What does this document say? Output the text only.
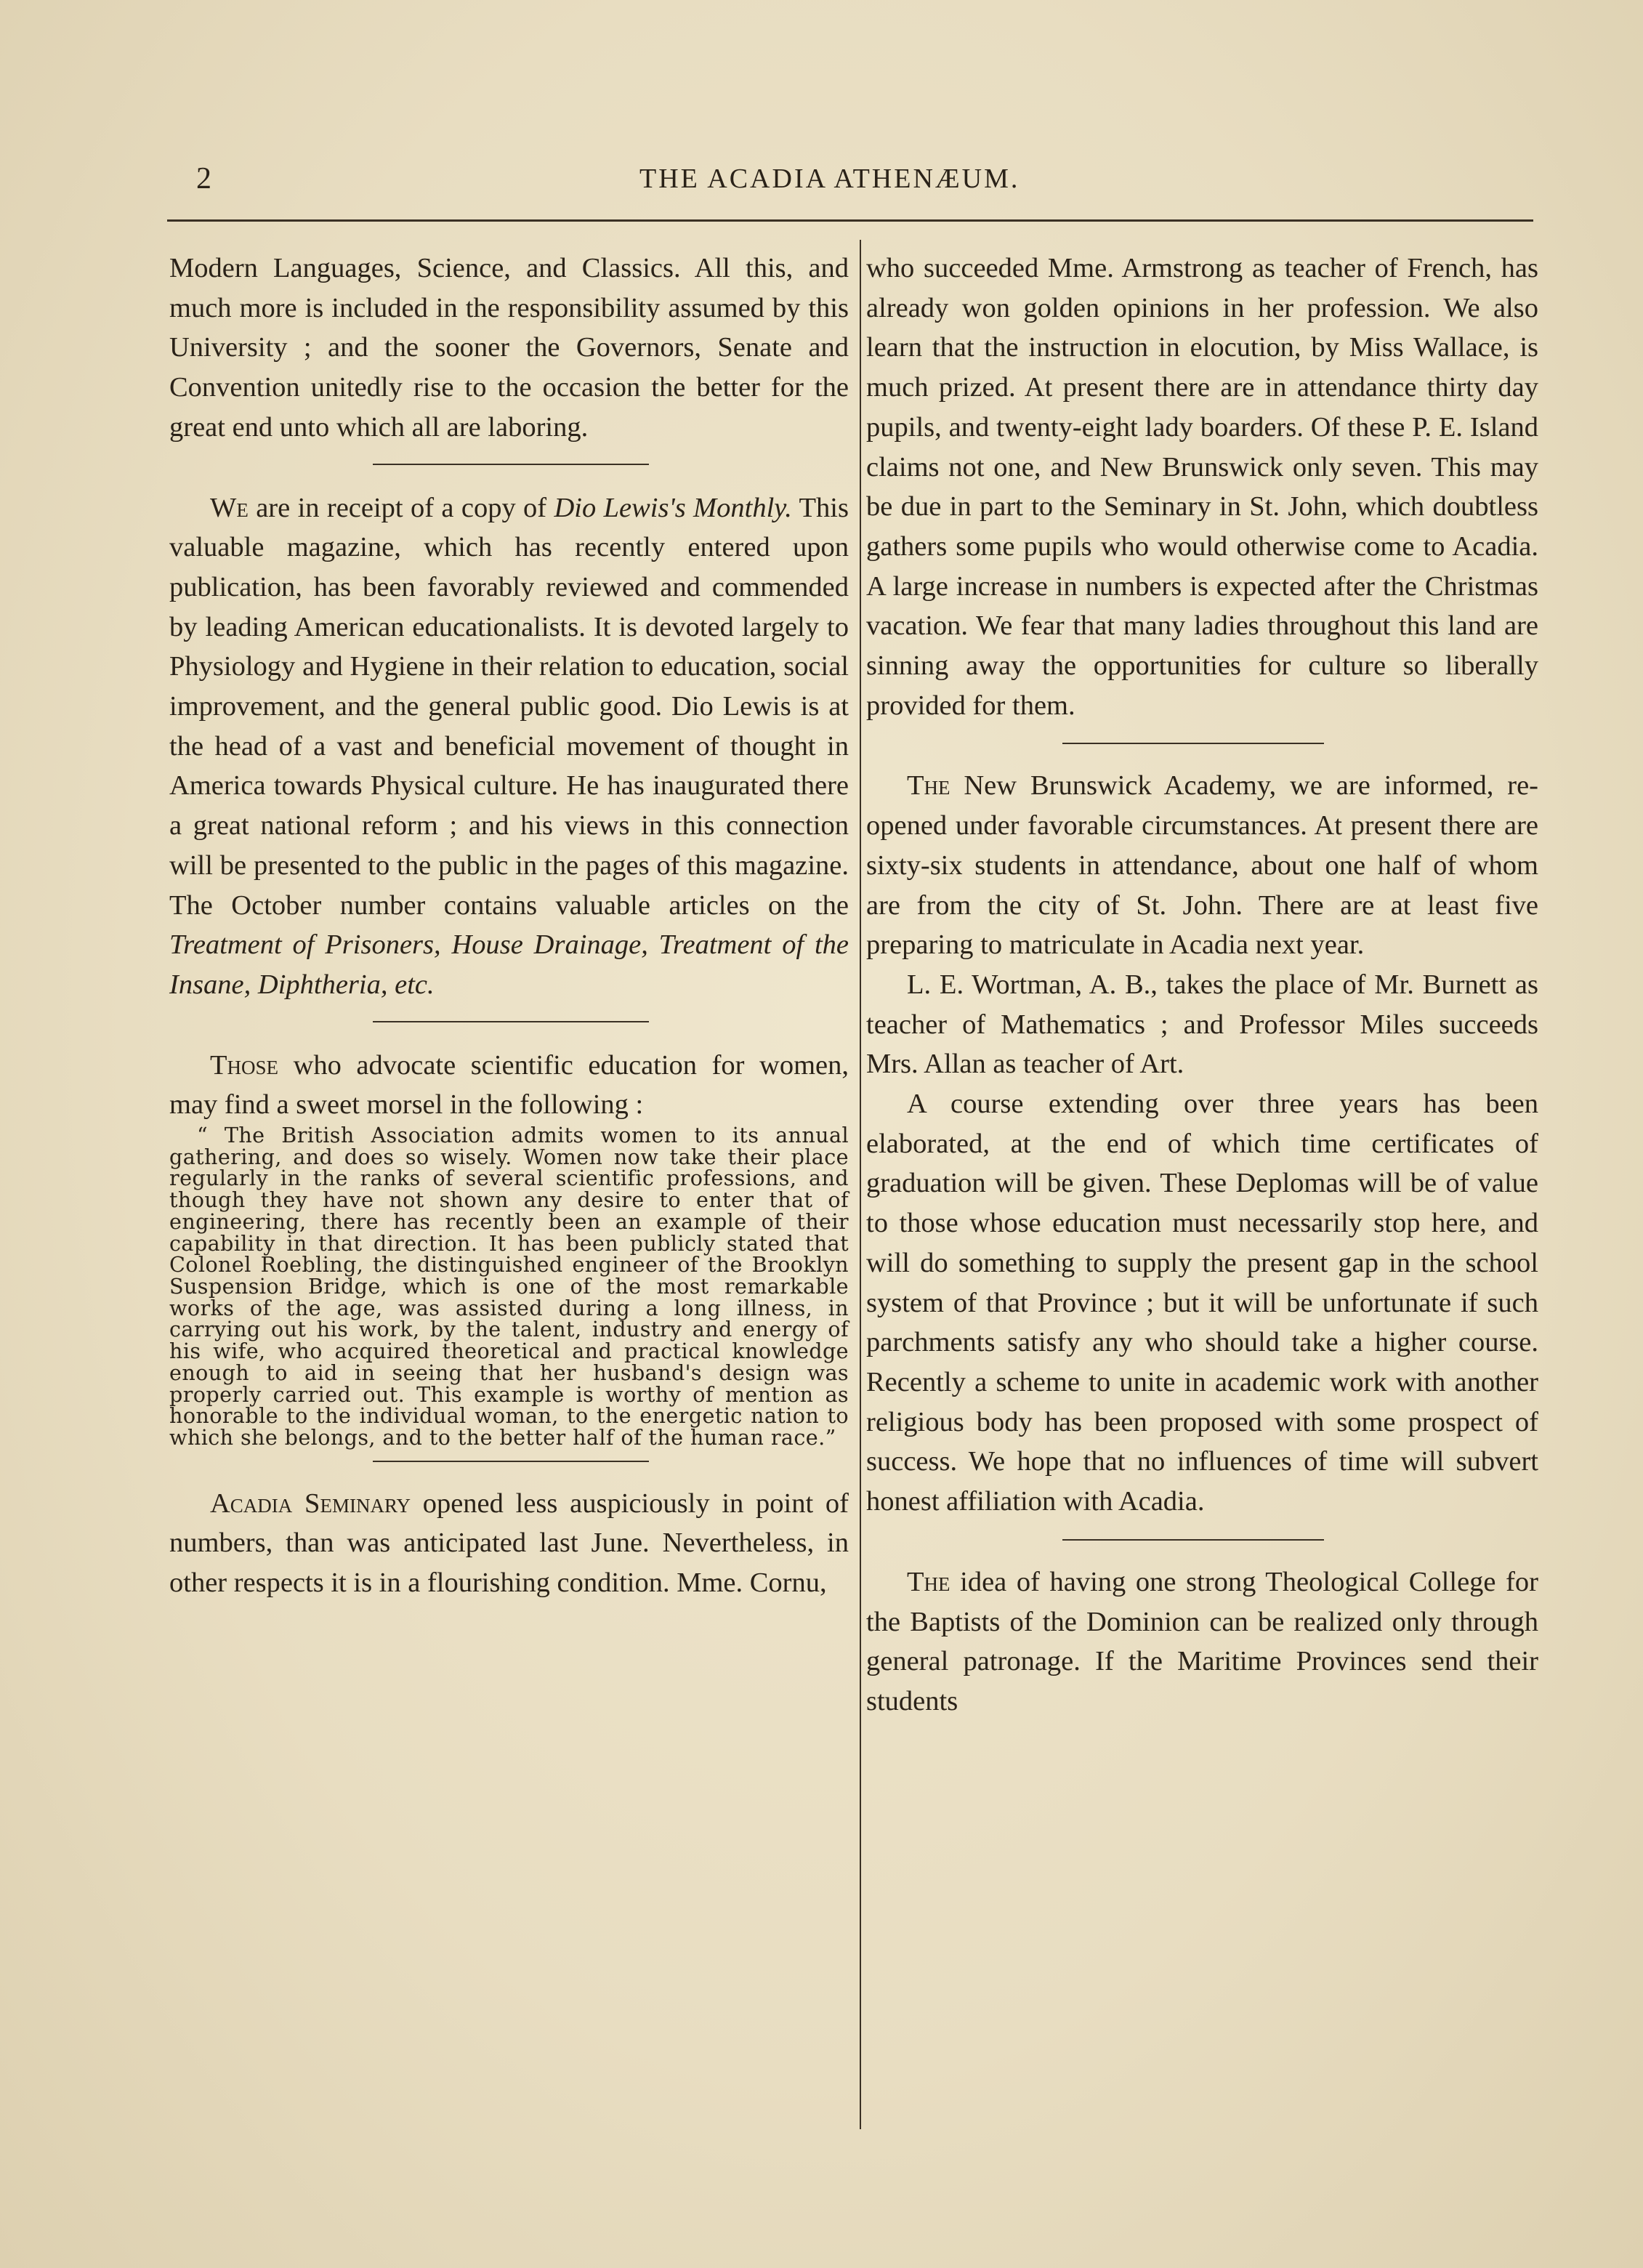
2	THE ACADIA ATHENÆUM.

Modern Languages, Science, and Classics. All this, and much more is included in the responsibility assumed by this University ; and the sooner the Governors, Senate and Convention unitedly rise to the occasion the better for the great end unto which all are laboring.

We are in receipt of a copy of Dio Lewis's Monthly. This valuable magazine, which has recently entered upon publication, has been favorably reviewed and commended by leading American educationalists. It is devoted largely to Physiology and Hygiene in their relation to education, social improvement, and the general public good. Dio Lewis is at the head of a vast and beneficial movement of thought in America towards Physical culture. He has inaugurated there a great national reform ; and his views in this connection will be presented to the public in the pages of this magazine. The October number contains valuable articles on the Treatment of Prisoners, House Drainage, Treatment of the Insane, Diphtheria, etc.

Those who advocate scientific education for women, may find a sweet morsel in the following :

“ The British Association admits women to its annual gathering, and does so wisely. Women now take their place regularly in the ranks of several scientific professions, and though they have not shown any desire to enter that of engineering, there has recently been an example of their capability in that direction. It has been publicly stated that Colonel Roebling, the distinguished engineer of the Brooklyn Suspension Bridge, which is one of the most remarkable works of the age, was assisted during a long illness, in carrying out his work, by the talent, industry and energy of his wife, who acquired theoretical and practical knowledge enough to aid in seeing that her husband's design was properly carried out. This example is worthy of mention as honorable to the individual woman, to the energetic nation to which she belongs, and to the better half of the human race.”

Acadia Seminary opened less auspiciously in point of numbers, than was anticipated last June. Nevertheless, in other respects it is in a flourishing condition. Mme. Cornu,

who succeeded Mme. Armstrong as teacher of French, has already won golden opinions in her profession. We also learn that the instruction in elocution, by Miss Wallace, is much prized. At present there are in attendance thirty day pupils, and twenty-eight lady boarders. Of these P. E. Island claims not one, and New Brunswick only seven. This may be due in part to the Seminary in St. John, which doubtless gathers some pupils who would otherwise come to Acadia. A large increase in numbers is expected after the Christmas vacation. We fear that many ladies throughout this land are sinning away the opportunities for culture so liberally provided for them.

The New Brunswick Academy, we are informed, re-opened under favorable circumstances. At present there are sixty-six students in attendance, about one half of whom are from the city of St. John. There are at least five preparing to matriculate in Acadia next year.

L. E. Wortman, A. B., takes the place of Mr. Burnett as teacher of Mathematics ; and Professor Miles succeeds Mrs. Allan as teacher of Art.

A course extending over three years has been elaborated, at the end of which time certificates of graduation will be given. These Deplomas will be of value to those whose education must necessarily stop here, and will do something to supply the present gap in the school system of that Province ; but it will be unfortunate if such parchments satisfy any who should take a higher course. Recently a scheme to unite in academic work with another religious body has been proposed with some prospect of success. We hope that no influences of time will subvert honest affiliation with Acadia.

The idea of having one strong Theological College for the Baptists of the Dominion can be realized only through general patronage. If the Maritime Provinces send their students
